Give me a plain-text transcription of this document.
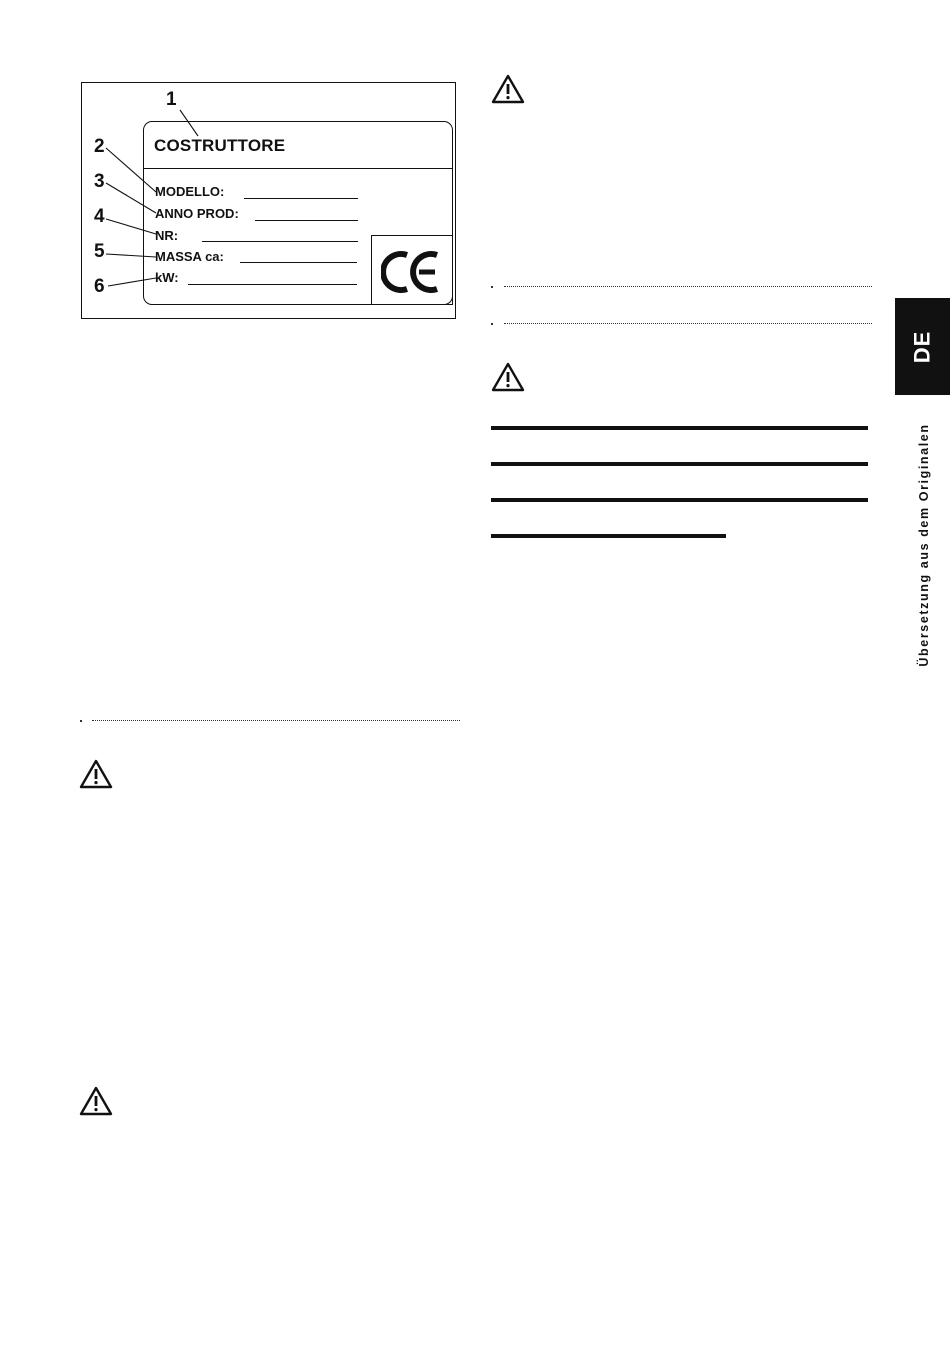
COSTRUTTORE
MODELLO:
ANNO PROD:
NR:
MASSA ca:
kW:
1
2
3
4
5
6
DE
Übersetzung aus dem Originalen
